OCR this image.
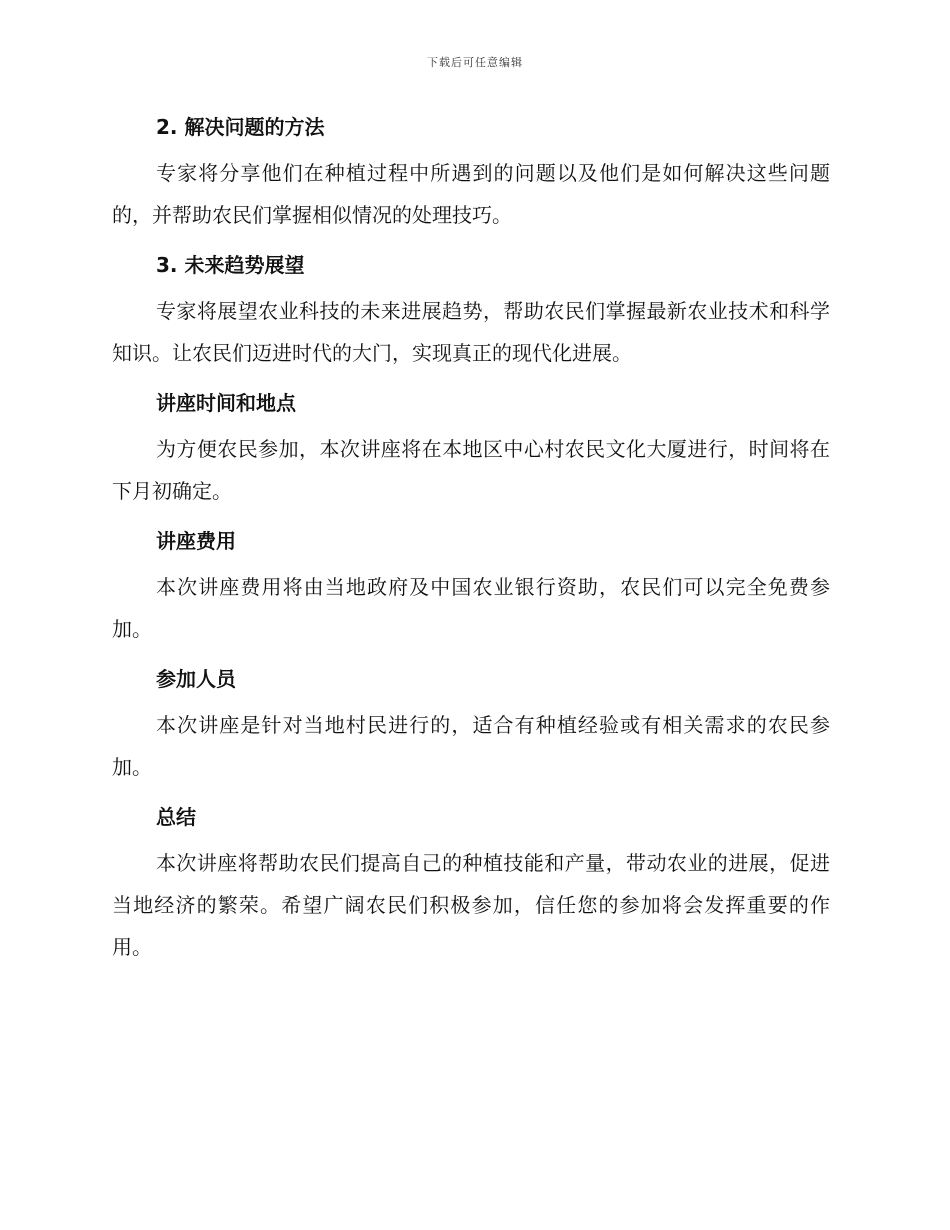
下载后可任意编辑
2. 解决问题的方法

专家将分享他们在种植过程中所遇到的问题以及他们是如何解决这些问题的，并帮助农民们掌握相似情况的处理技巧。

3. 未来趋势展望

专家将展望农业科技的未来进展趋势，帮助农民们掌握最新农业技术和科学知识。让农民们迈进时代的大门，实现真正的现代化进展。

讲座时间和地点

为方便农民参加，本次讲座将在本地区中心村农民文化大厦进行，时间将在下月初确定。

讲座费用

本次讲座费用将由当地政府及中国农业银行资助，农民们可以完全免费参加。

参加人员

本次讲座是针对当地村民进行的，适合有种植经验或有相关需求的农民参加。

总结

本次讲座将帮助农民们提高自己的种植技能和产量，带动农业的进展，促进当地经济的繁荣。希望广阔农民们积极参加，信任您的参加将会发挥重要的作用。
